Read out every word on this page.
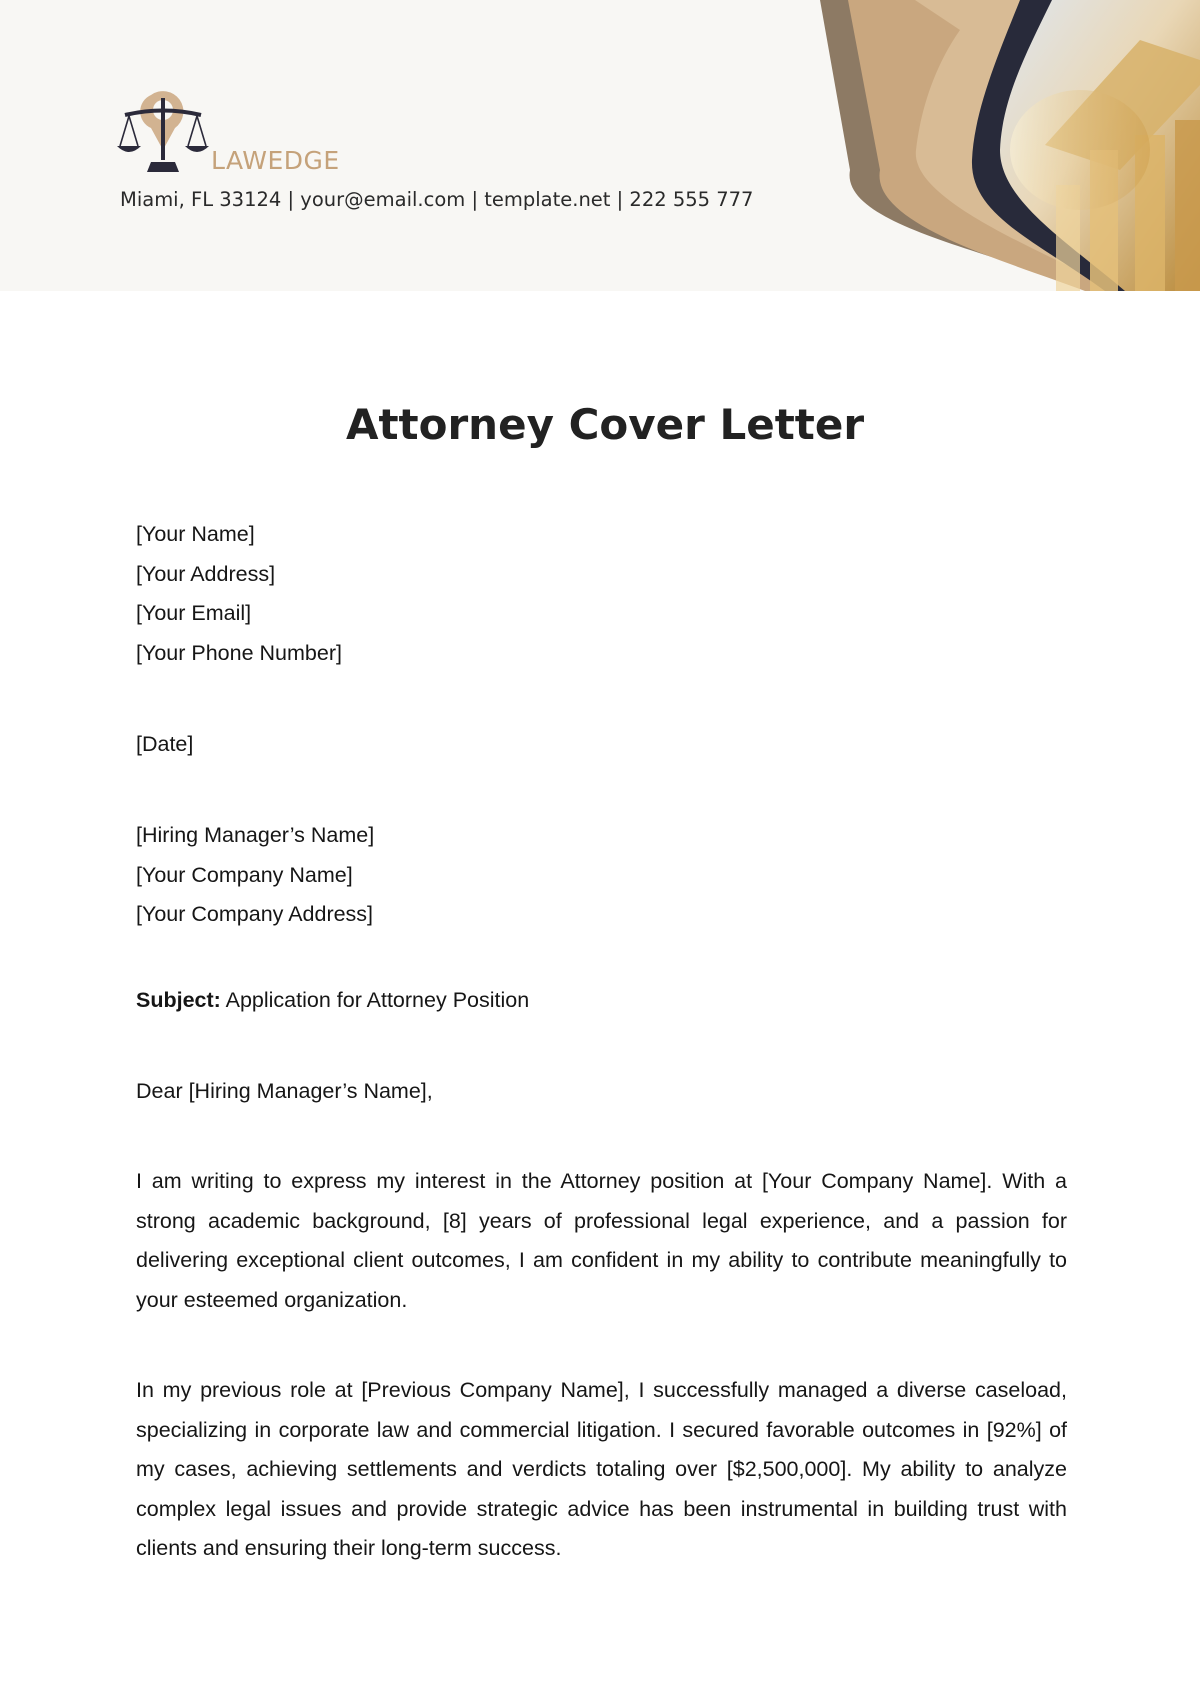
LAWEDGE
Miami, FL 33124 | your@email.com | template.net | 222 555 777
Attorney Cover Letter
[Your Name]
[Your Address]
[Your Email]
[Your Phone Number]
[Date]
[Hiring Manager’s Name]
[Your Company Name]
[Your Company Address]
Subject: Application for Attorney Position
Dear [Hiring Manager’s Name],
I am writing to express my interest in the Attorney position at [Your Company Name]. With a strong academic background, [8] years of professional legal experience, and a passion for delivering exceptional client outcomes, I am confident in my ability to contribute meaningfully to your esteemed organization.
In my previous role at [Previous Company Name], I successfully managed a diverse caseload, specializing in corporate law and commercial litigation. I secured favorable outcomes in [92%] of my cases, achieving settlements and verdicts totaling over [$2,500,000]. My ability to analyze complex legal issues and provide strategic advice has been instrumental in building trust with clients and ensuring their long-term success.
